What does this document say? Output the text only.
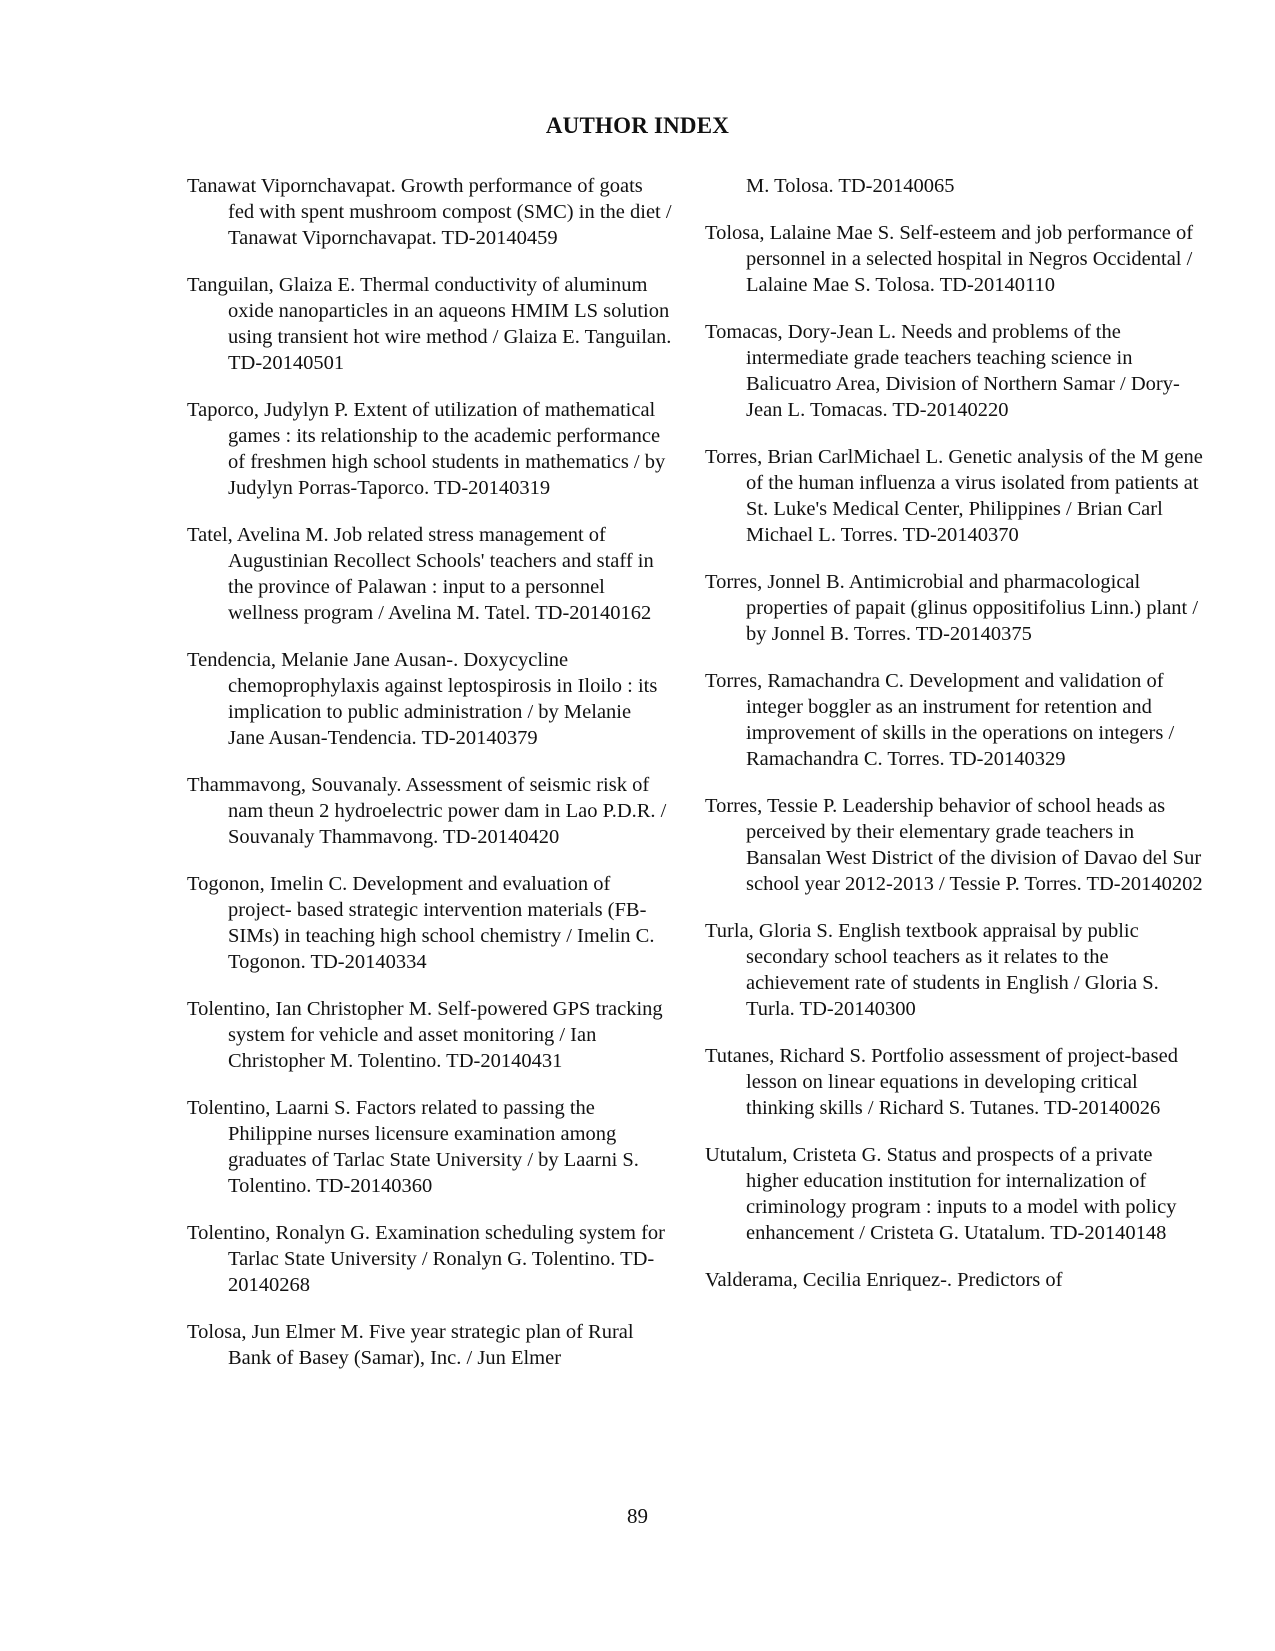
AUTHOR INDEX

Tanawat Vipornchavapat. Growth performance of goats fed with spent mushroom compost (SMC) in the diet / Tanawat Vipornchavapat. TD-20140459

Tanguilan, Glaiza E. Thermal conductivity of aluminum oxide nanoparticles in an aqueons HMIM LS solution using transient hot wire method / Glaiza E. Tanguilan. TD-20140501

Taporco, Judylyn P. Extent of utilization of mathematical games : its relationship to the academic performance of freshmen high school students in mathematics / by Judylyn Porras-Taporco. TD-20140319

Tatel, Avelina M. Job related stress management of Augustinian Recollect Schools' teachers and staff in the province of Palawan : input to a personnel wellness program / Avelina M. Tatel. TD-20140162

Tendencia, Melanie Jane Ausan-. Doxycycline chemoprophylaxis against leptospirosis in Iloilo : its implication to public administration / by Melanie Jane Ausan-Tendencia. TD-20140379

Thammavong, Souvanaly. Assessment of seismic risk of nam theun 2 hydroelectric power dam in Lao P.D.R. / Souvanaly Thammavong. TD-20140420

Togonon, Imelin C. Development and evaluation of project- based strategic intervention materials (FB-SIMs) in teaching high school chemistry / Imelin C. Togonon. TD-20140334

Tolentino, Ian Christopher M. Self-powered GPS tracking system for vehicle and asset monitoring / Ian Christopher M. Tolentino. TD-20140431

Tolentino, Laarni S. Factors related to passing the Philippine nurses licensure examination among graduates of Tarlac State University / by Laarni S. Tolentino. TD-20140360

Tolentino, Ronalyn G. Examination scheduling system for Tarlac State University / Ronalyn G. Tolentino. TD-20140268

Tolosa, Jun Elmer M. Five year strategic plan of Rural Bank of Basey (Samar), Inc. / Jun Elmer

M. Tolosa. TD-20140065

Tolosa, Lalaine Mae S. Self-esteem and job performance of personnel in a selected hospital in Negros Occidental / Lalaine Mae S. Tolosa. TD-20140110

Tomacas, Dory-Jean L. Needs and problems of the intermediate grade teachers teaching science in Balicuatro Area, Division of Northern Samar / Dory-Jean L. Tomacas. TD-20140220

Torres, Brian CarlMichael L. Genetic analysis of the M gene of the human influenza a virus isolated from patients at St. Luke's Medical Center, Philippines / Brian Carl Michael L. Torres. TD-20140370

Torres, Jonnel B. Antimicrobial and pharmacological properties of papait (glinus oppositifolius Linn.) plant / by Jonnel B. Torres. TD-20140375

Torres, Ramachandra C. Development and validation of integer boggler as an instrument for retention and improvement of skills in the operations on integers / Ramachandra C. Torres. TD-20140329

Torres, Tessie P. Leadership behavior of school heads as perceived by their elementary grade teachers in Bansalan West District of the division of Davao del Sur school year 2012-2013 / Tessie P. Torres. TD-20140202

Turla, Gloria S. English textbook appraisal by public secondary school teachers as it relates to the achievement rate of students in English / Gloria S. Turla. TD-20140300

Tutanes, Richard S. Portfolio assessment of project-based lesson on linear equations in developing critical thinking skills / Richard S. Tutanes. TD-20140026

Ututalum, Cristeta G. Status and prospects of a private higher education institution for internalization of criminology program : inputs to a model with policy enhancement / Cristeta G. Utatalum. TD-20140148

Valderama, Cecilia Enriquez-. Predictors of

89
